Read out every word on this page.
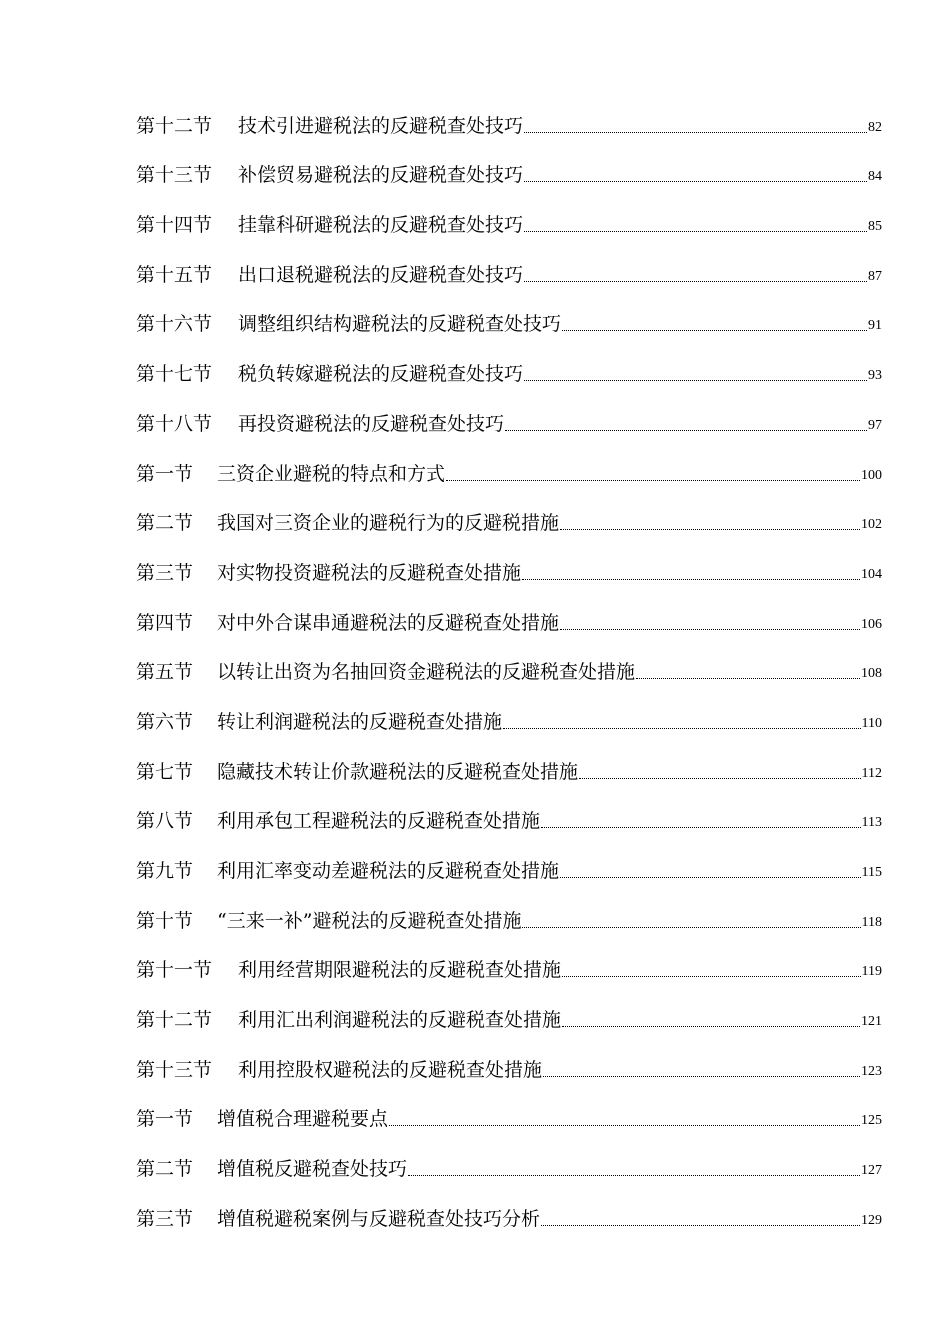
第十二节 技术引进避税法的反避税查处技巧	82
第十三节 补偿贸易避税法的反避税查处技巧	84
第十四节 挂靠科研避税法的反避税查处技巧	85
第十五节 出口退税避税法的反避税查处技巧	87
第十六节 调整组织结构避税法的反避税查处技巧	91
第十七节 税负转嫁避税法的反避税查处技巧	93
第十八节 再投资避税法的反避税查处技巧	97
第一节 三资企业避税的特点和方式	100
第二节 我国对三资企业的避税行为的反避税措施	102
第三节 对实物投资避税法的反避税查处措施	104
第四节 对中外合谋串通避税法的反避税查处措施	106
第五节 以转让出资为名抽回资金避税法的反避税查处措施	108
第六节 转让利润避税法的反避税查处措施	110
第七节 隐藏技术转让价款避税法的反避税查处措施	112
第八节 利用承包工程避税法的反避税查处措施	113
第九节 利用汇率变动差避税法的反避税查处措施	115
第十节 “三来一补”避税法的反避税查处措施	118
第十一节 利用经营期限避税法的反避税查处措施	119
第十二节 利用汇出利润避税法的反避税查处措施	121
第十三节 利用控股权避税法的反避税查处措施	123
第一节 增值税合理避税要点	125
第二节 增值税反避税查处技巧	127
第三节 增值税避税案例与反避税查处技巧分析	129
